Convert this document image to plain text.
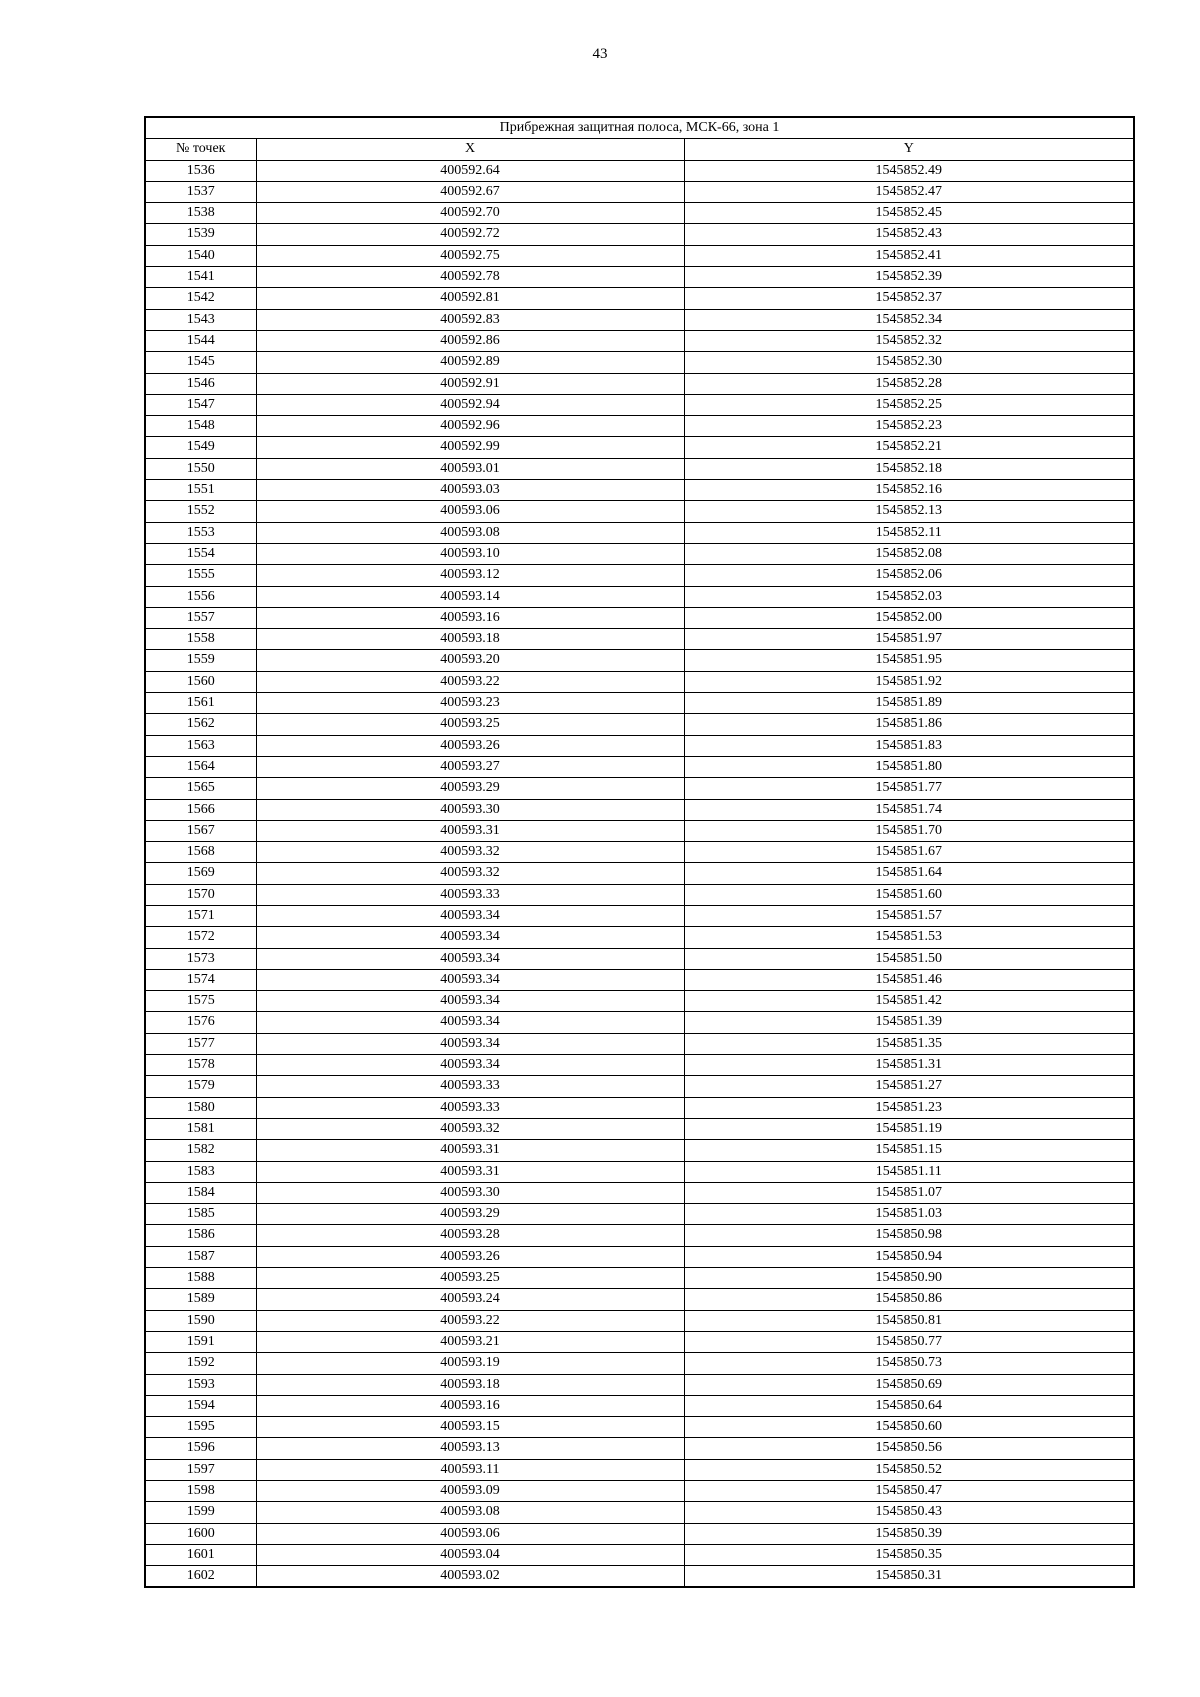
43
Прибрежная защитная полоса, МСК-66, зона 1		
№ точек	X	Y
1536	400592.64	1545852.49
1537	400592.67	1545852.47
1538	400592.70	1545852.45
1539	400592.72	1545852.43
1540	400592.75	1545852.41
1541	400592.78	1545852.39
1542	400592.81	1545852.37
1543	400592.83	1545852.34
1544	400592.86	1545852.32
1545	400592.89	1545852.30
1546	400592.91	1545852.28
1547	400592.94	1545852.25
1548	400592.96	1545852.23
1549	400592.99	1545852.21
1550	400593.01	1545852.18
1551	400593.03	1545852.16
1552	400593.06	1545852.13
1553	400593.08	1545852.11
1554	400593.10	1545852.08
1555	400593.12	1545852.06
1556	400593.14	1545852.03
1557	400593.16	1545852.00
1558	400593.18	1545851.97
1559	400593.20	1545851.95
1560	400593.22	1545851.92
1561	400593.23	1545851.89
1562	400593.25	1545851.86
1563	400593.26	1545851.83
1564	400593.27	1545851.80
1565	400593.29	1545851.77
1566	400593.30	1545851.74
1567	400593.31	1545851.70
1568	400593.32	1545851.67
1569	400593.32	1545851.64
1570	400593.33	1545851.60
1571	400593.34	1545851.57
1572	400593.34	1545851.53
1573	400593.34	1545851.50
1574	400593.34	1545851.46
1575	400593.34	1545851.42
1576	400593.34	1545851.39
1577	400593.34	1545851.35
1578	400593.34	1545851.31
1579	400593.33	1545851.27
1580	400593.33	1545851.23
1581	400593.32	1545851.19
1582	400593.31	1545851.15
1583	400593.31	1545851.11
1584	400593.30	1545851.07
1585	400593.29	1545851.03
1586	400593.28	1545850.98
1587	400593.26	1545850.94
1588	400593.25	1545850.90
1589	400593.24	1545850.86
1590	400593.22	1545850.81
1591	400593.21	1545850.77
1592	400593.19	1545850.73
1593	400593.18	1545850.69
1594	400593.16	1545850.64
1595	400593.15	1545850.60
1596	400593.13	1545850.56
1597	400593.11	1545850.52
1598	400593.09	1545850.47
1599	400593.08	1545850.43
1600	400593.06	1545850.39
1601	400593.04	1545850.35
1602	400593.02	1545850.31
